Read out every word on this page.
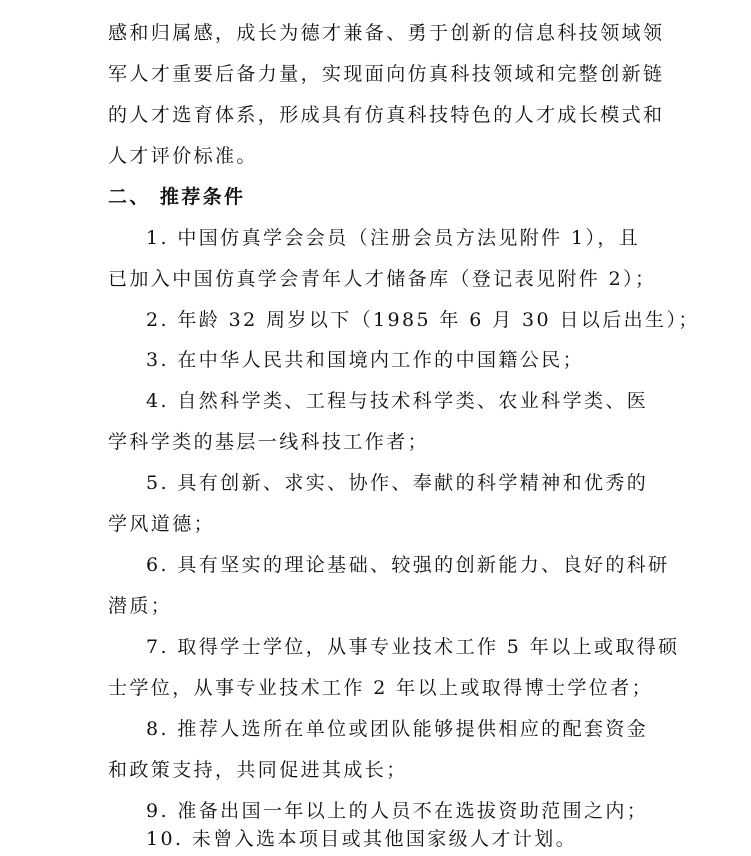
感和归属感，成长为德才兼备、勇于创新的信息科技领域领
军人才重要后备力量，实现面向仿真科技领域和完整创新链
的人才选育体系，形成具有仿真科技特色的人才成长模式和
人才评价标准。
二、 推荐条件
1. 中国仿真学会会员（注册会员方法见附件 1），且
已加入中国仿真学会青年人才储备库（登记表见附件 2）；
2. 年龄 32 周岁以下（1985 年 6 月 30 日以后出生）；
3. 在中华人民共和国境内工作的中国籍公民；
4. 自然科学类、工程与技术科学类、农业科学类、医
学科学类的基层一线科技工作者；
5. 具有创新、求实、协作、奉献的科学精神和优秀的
学风道德；
6. 具有坚实的理论基础、较强的创新能力、良好的科研
潜质；
7. 取得学士学位，从事专业技术工作 5 年以上或取得硕
士学位，从事专业技术工作 2 年以上或取得博士学位者；
8. 推荐人选所在单位或团队能够提供相应的配套资金
和政策支持，共同促进其成长；
9. 准备出国一年以上的人员不在选拔资助范围之内；
10. 未曾入选本项目或其他国家级人才计划。
